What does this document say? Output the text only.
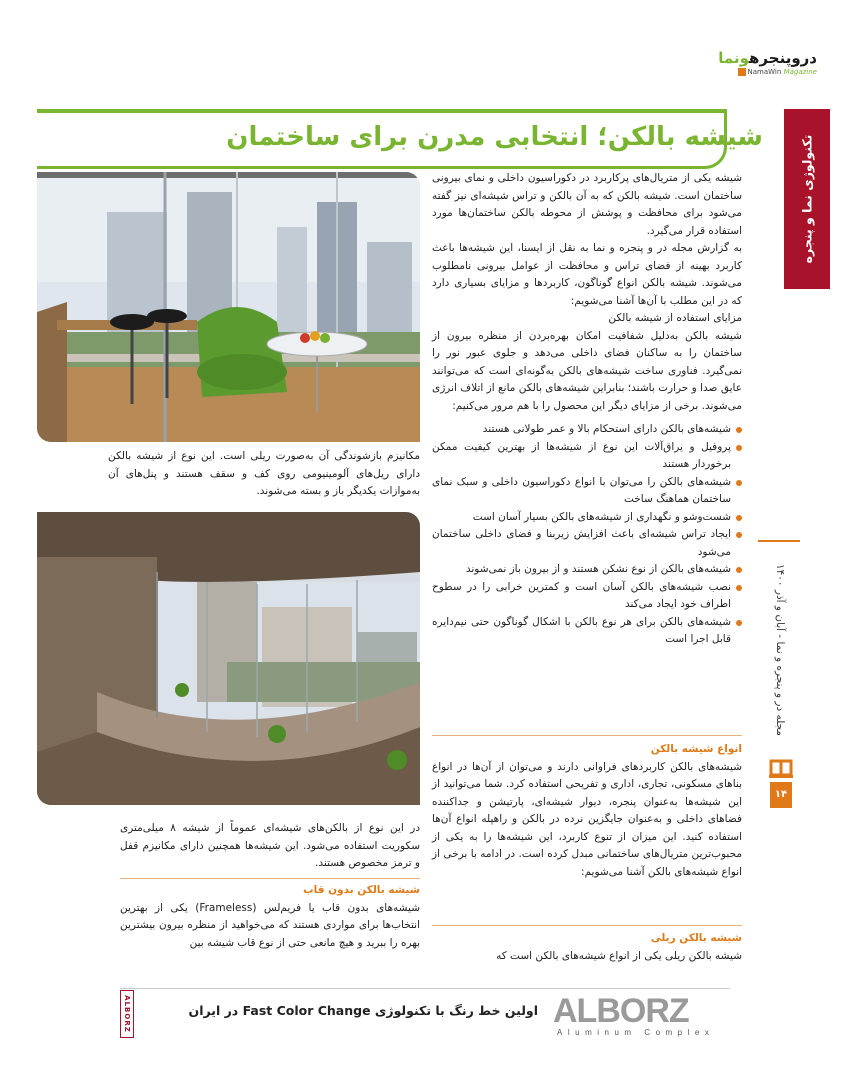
دروپنجرهونما
NamaWin Magazine
تکنولوژی نما و پنجره
شیشه بالکن؛ انتخابی مدرن برای ساختمان

مکانیزم بازشوندگی آن به‌صورت ریلی است. این نوع از شیشه بالکن دارای ریل‌های آلومینیومی روی کف و سقف هستند و پنل‌های آن به‌موازات یکدیگر باز و بسته می‌شوند.

شیشه یکی از متریال‌های پرکاربرد در دکوراسیون داخلی و نمای بیرونی ساختمان است. شیشه بالکن که به آن بالکن و تراس شیشه‌ای نیز گفته می‌شود برای محافظت و پوشش از محوطه بالکن ساختمان‌ها مورد استفاده قرار می‌گیرد.

به گزارش مجله در و پنجره و نما به نقل از ایسنا، این شیشه‌ها باعث کاربرد بهینه از فضای تراس و محافظت از عوامل بیرونی نامطلوب می‌شوند. شیشه بالکن انواع گوناگون، کاربردها و مزایای بسیاری دارد که در این مطلب با آن‌ها آشنا می‌شویم:

مزایای استفاده از شیشه بالکن

شیشه بالکن به‌دلیل شفافیت امکان بهره‌بردن از منظره بیرون از ساختمان را به ساکنان فضای داخلی می‌دهد و جلوی عبور نور را نمی‌گیرد. فناوری ساخت شیشه‌های بالکن به‌گونه‌ای است که می‌توانند عایق صدا و حرارت باشند؛ بنابراین شیشه‌های بالکن مانع از اتلاف انرژی می‌شوند. برخی از مزایای دیگر این محصول را با هم مرور می‌کنیم:

شیشه‌های بالکن دارای استحکام بالا و عمر طولانی هستند
پروفیل و یراق‌آلات این نوع از شیشه‌ها از بهترین کیفیت ممکن برخوردار هستند
شیشه‌های بالکن را می‌توان با انواع دکوراسیون داخلی و سبک نمای ساختمان هماهنگ ساخت
شست‌وشو و نگهداری از شیشه‌های بالکن بسیار آسان است
ایجاد تراس شیشه‌ای باعث افزایش زیربنا و فضای داخلی ساختمان می‌شود
شیشه‌های بالکن از نوع نشکن هستند و از بیرون باز نمی‌شوند
نصب شیشه‌های بالکن آسان است و کمترین خرابی را در سطوح اطراف خود ایجاد می‌کند
شیشه‌های بالکن برای هر نوع بالکن با اشکال گوناگون حتی نیم‌دایره قابل اجرا است

انواع شیشه بالکن

شیشه‌های بالکن کاربردهای فراوانی دارند و می‌توان از آن‌ها در انواع بناهای مسکونی، تجاری، اداری و تفریحی استفاده کرد. شما می‌توانید از این شیشه‌ها به‌عنوان پنجره، دیوار شیشه‌ای، پارتیشن و جداکننده فضاهای داخلی و به‌عنوان جایگزین نرده در بالکن و راهپله انواع آن‌ها استفاده کنید. این میزان از تنوع کاربرد، این شیشه‌ها را به یکی از محبوب‌ترین متریال‌های ساختمانی مبدل کرده است. در ادامه با برخی از انواع شیشه‌های بالکن آشنا می‌شویم:

شیشه بالکن ریلی

شیشه بالکن ریلی یکی از انواع شیشه‌های بالکن است که

در این نوع از بالکن‌های شیشه‌ای عموماً از شیشه ۸ میلی‌متری سکوریت استفاده می‌شود. این شیشه‌ها همچنین دارای مکانیزم قفل و ترمز مخصوص هستند.

شیشه بالکن بدون قاب

شیشه‌های بدون قاب یا فریم‌لس (Frameless) یکی از بهترین انتخاب‌ها برای مواردی هستند که می‌خواهید از منظره بیرون بیشترین بهره را ببرید و هیچ مانعی حتی از نوع قاب شیشه بین

مجله در و پنجره و نما - آبان و آذر ۱۴۰۰
۱۴
ALBORZ	اولین خط رنگ با تکنولوژی Fast Color Change در ایران ALBORZ
Aluminum Complex
